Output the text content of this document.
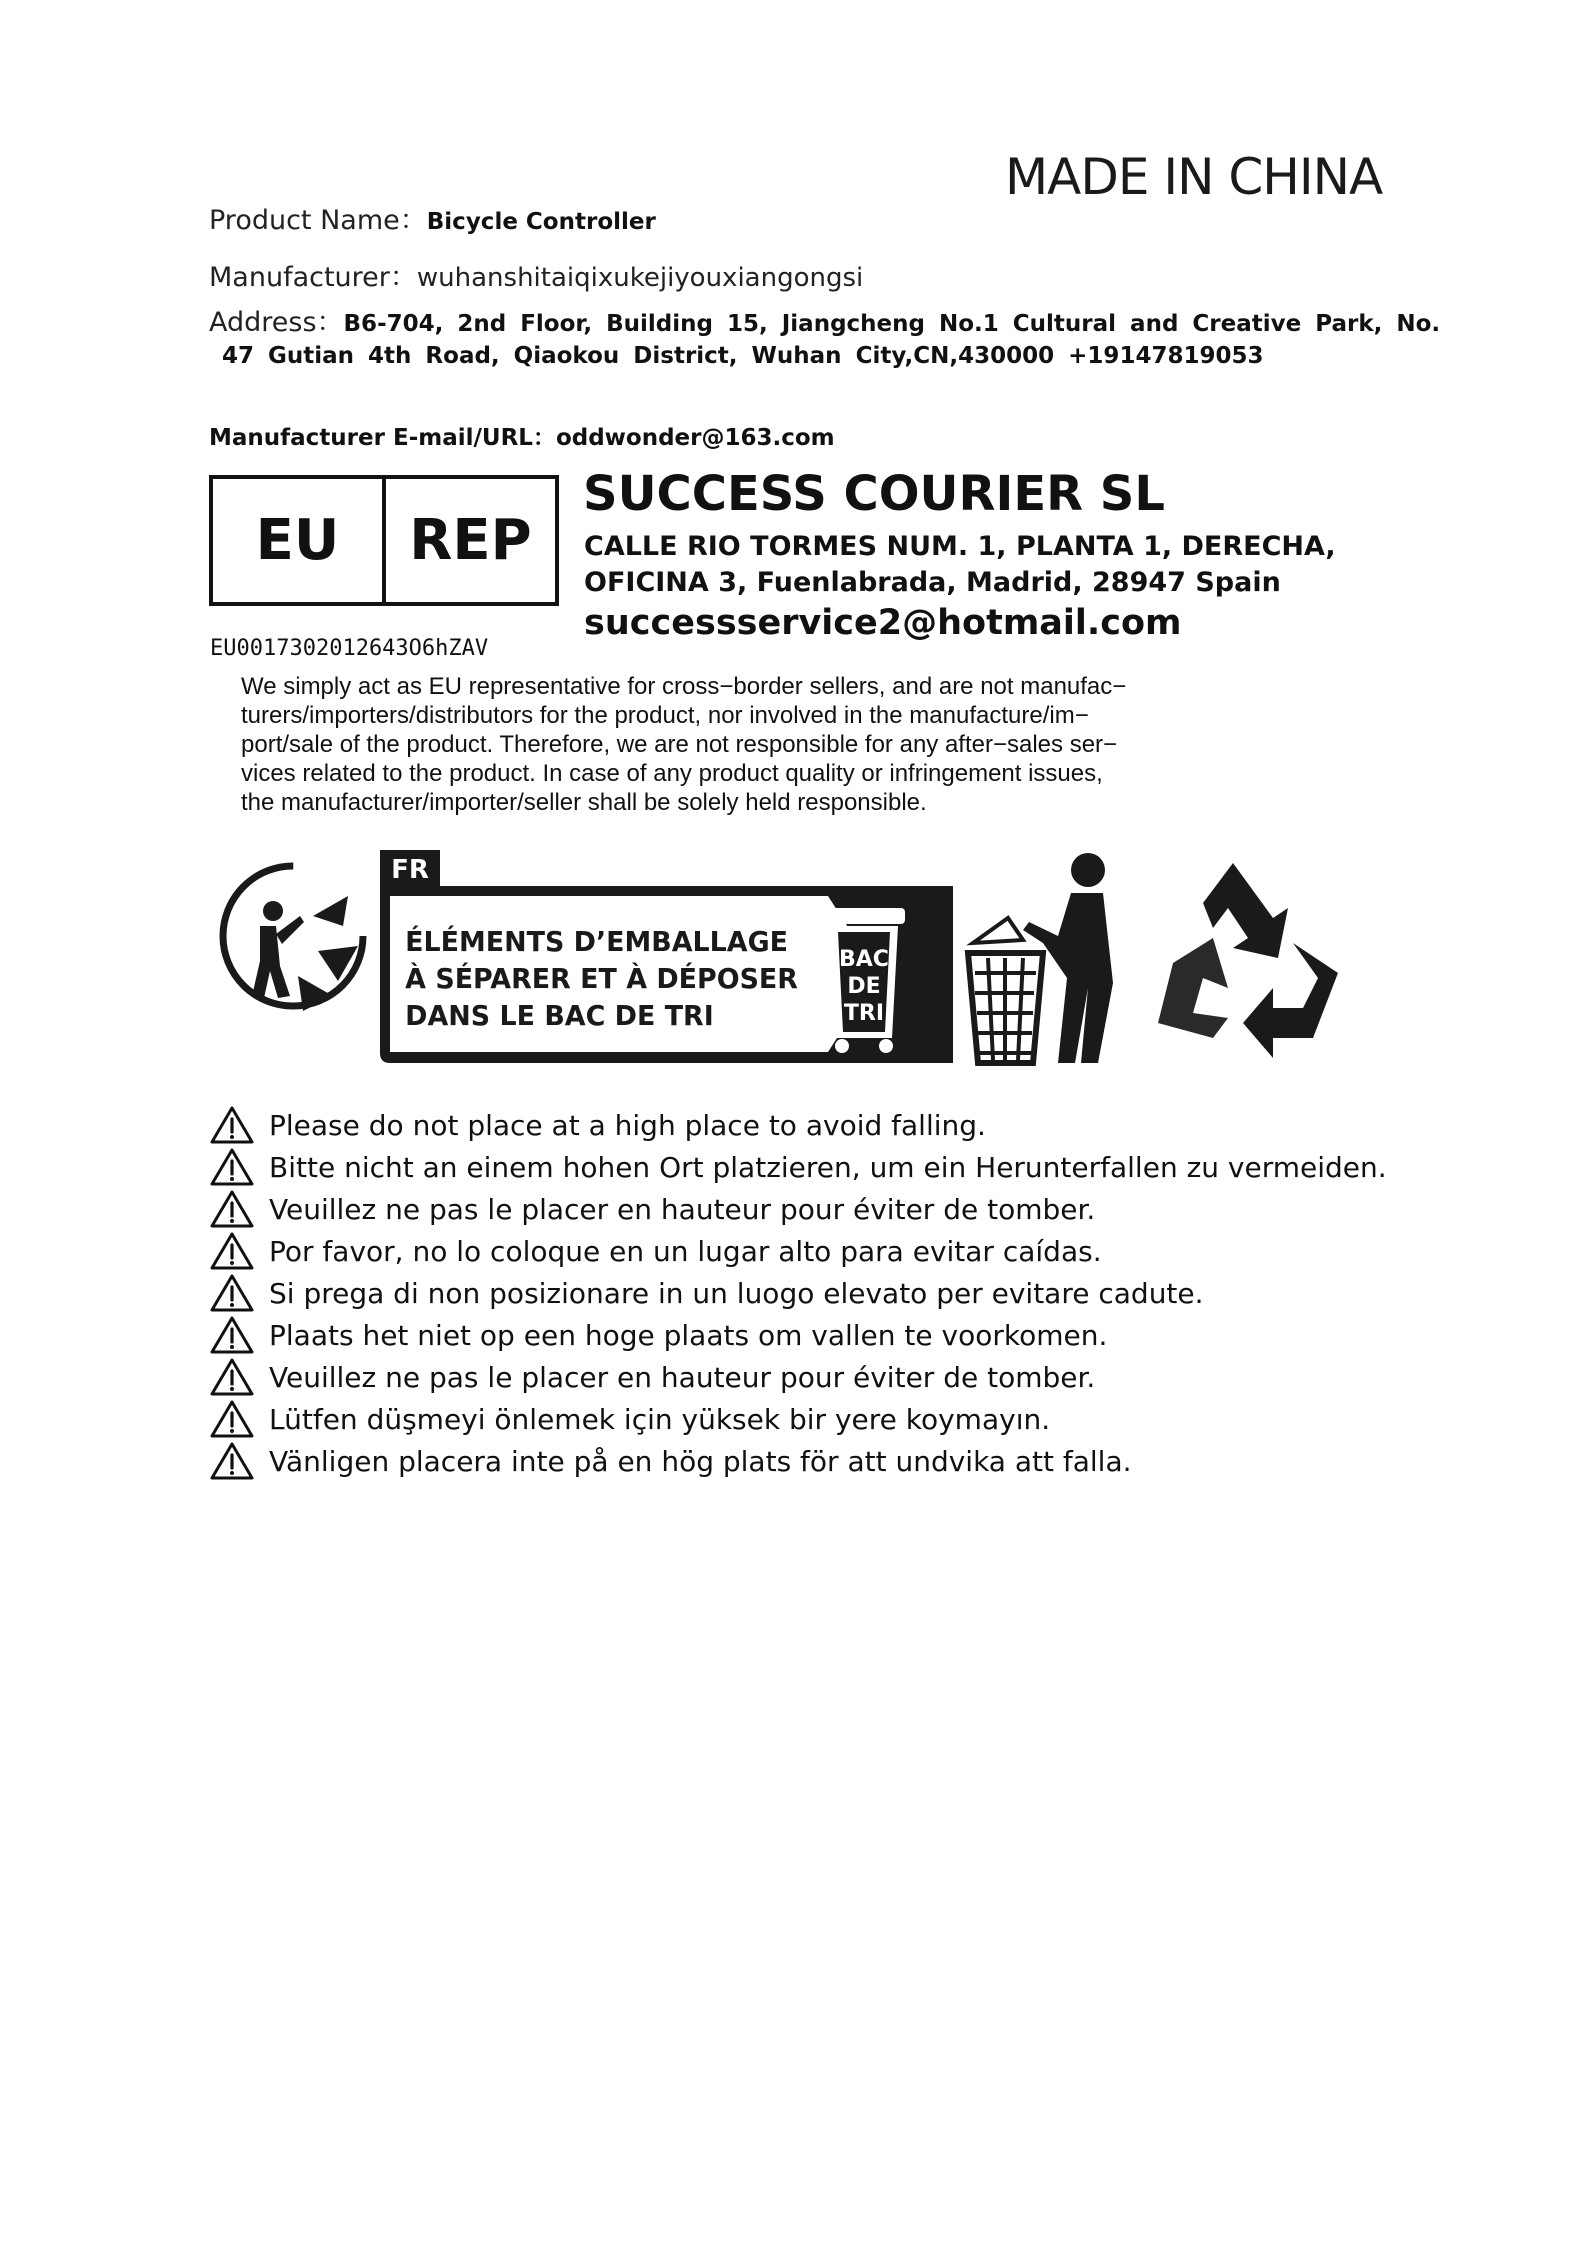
MADE IN CHINA
Product Name：Bicycle Controller
Manufacturer：wuhanshitaiqixukejiyouxiangongsi
Address：B6-704, 2nd Floor, Building 15, Jiangcheng No.1 Cultural and Creative Park, No.
47 Gutian 4th Road, Qiaokou District, Wuhan City,CN,430000 +19147819053
Manufacturer E-mail/URL：oddwonder@163.com
EU	REP
EU0017302012643O6hZAV
SUCCESS COURIER SL
CALLE RIO TORMES NUM. 1, PLANTA 1, DERECHA,
OFICINA 3, Fuenlabrada, Madrid, 28947 Spain
successservice2@hotmail.com
We simply act as EU representative for cross−border sellers, and are not manufac−
turers/importers/distributors for the product, nor involved in the manufacture/im−
port/sale of the product. Therefore, we are not responsible for any after−sales ser−
vices related to the product. In case of any product quality or infringement issues,
the manufacturer/importer/seller shall be solely held responsible.
FR
ÉLÉMENTS D’EMBALLAGE
À SÉPARER ET À DÉPOSER
DANS LE BAC DE TRI
BAC
DE
TRI
Please do not place at a high place to avoid falling.
Bitte nicht an einem hohen Ort platzieren, um ein Herunterfallen zu vermeiden.
Veuillez ne pas le placer en hauteur pour éviter de tomber.
Por favor, no lo coloque en un lugar alto para evitar caídas.
Si prega di non posizionare in un luogo elevato per evitare cadute.
Plaats het niet op een hoge plaats om vallen te voorkomen.
Veuillez ne pas le placer en hauteur pour éviter de tomber.
Lütfen düşmeyi önlemek için yüksek bir yere koymayın.
Vänligen placera inte på en hög plats för att undvika att falla.
